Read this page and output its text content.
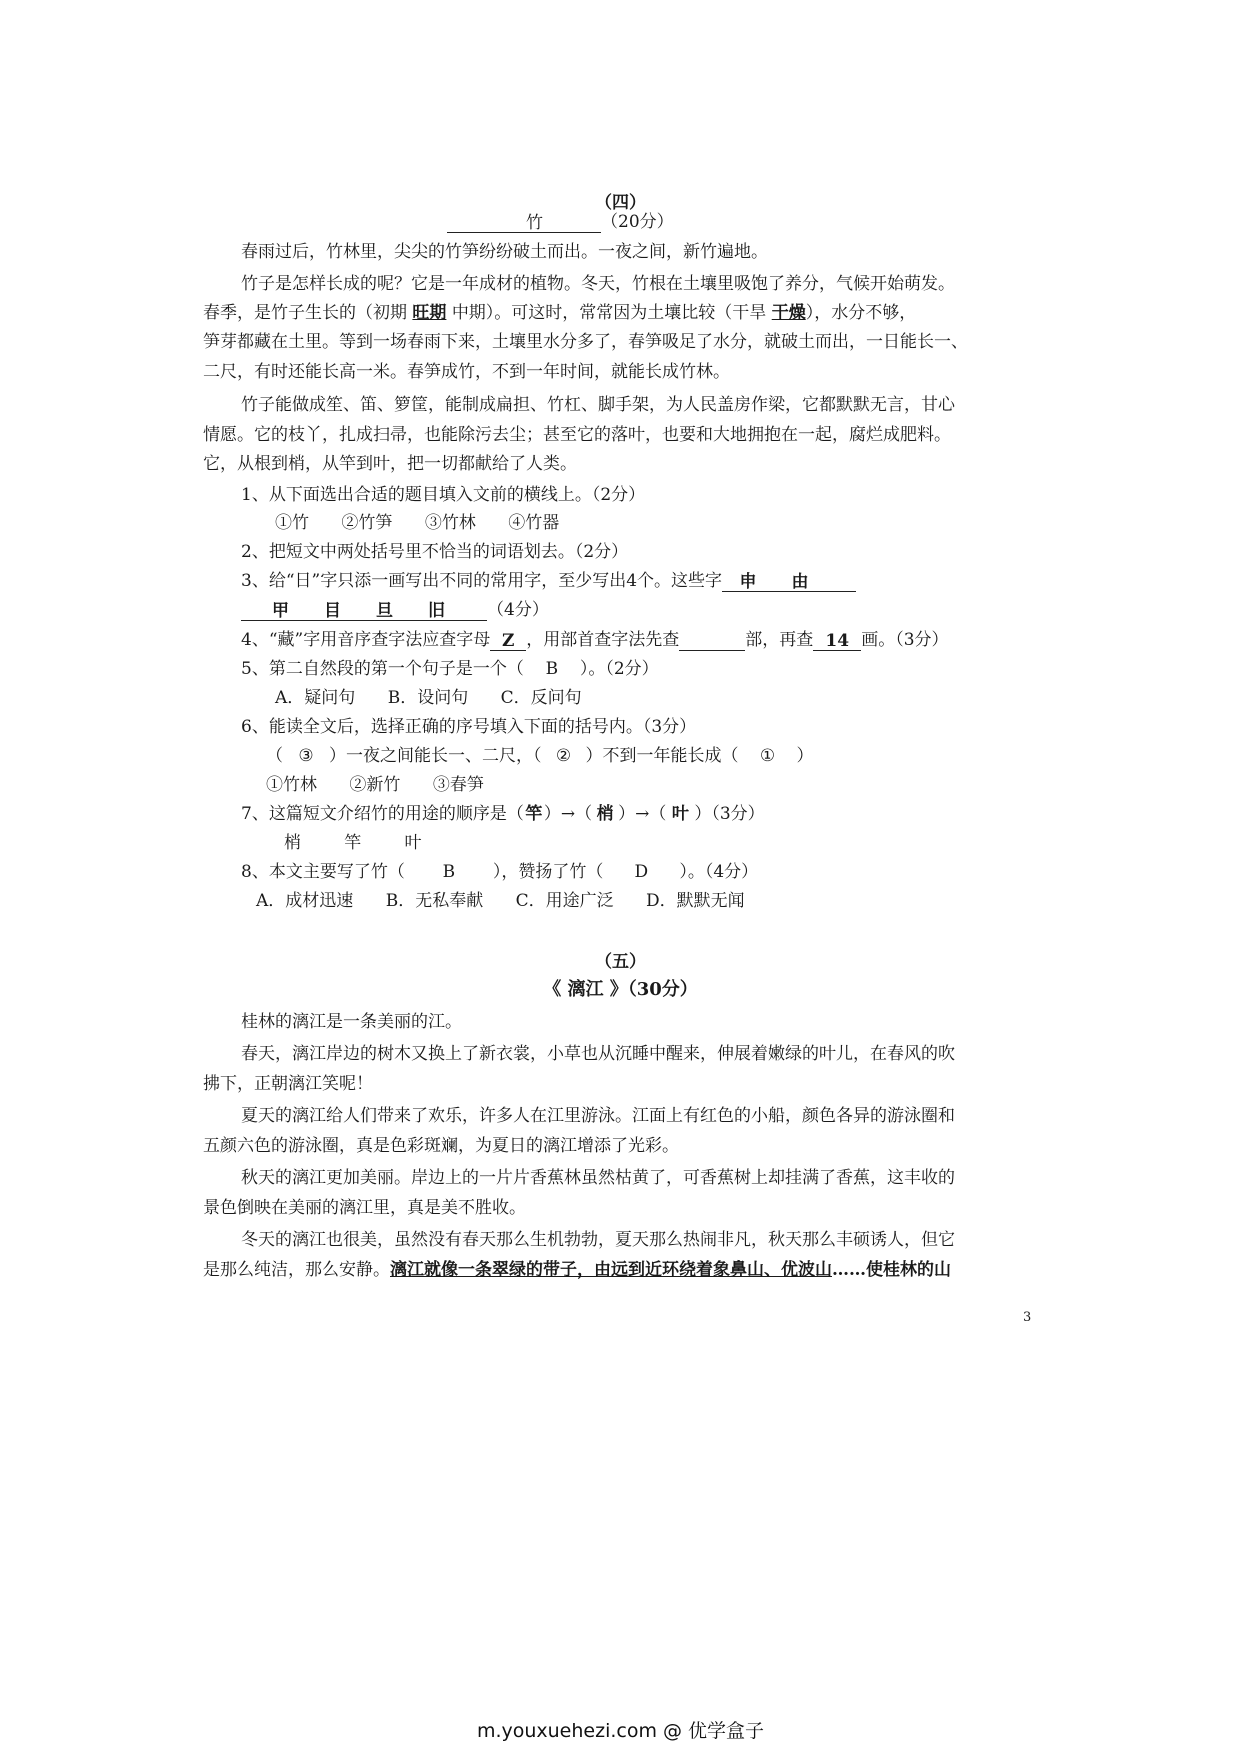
（四）
竹	（20分）
春雨过后，竹林里，尖尖的竹笋纷纷破土而出。一夜之间，新竹遍地。
竹子是怎样长成的呢？它是一年成材的植物。冬天，竹根在土壤里吸饱了养分，气候开始萌发。
春季，是竹子生长的（初期 旺期 中期）。可这时，常常因为土壤比较（干旱 干燥），水分不够，
笋芽都藏在土里。等到一场春雨下来，土壤里水分多了，春笋吸足了水分，就破土而出，一日能长一、
二尺，有时还能长高一米。春笋成竹，不到一年时间，就能长成竹林。
竹子能做成笙、笛、箩筐，能制成扁担、竹杠、脚手架，为人民盖房作梁，它都默默无言，甘心
情愿。它的枝丫，扎成扫帚，也能除污去尘；甚至它的落叶，也要和大地拥抱在一起，腐烂成肥料。
它，从根到梢，从竿到叶，把一切都献给了人类。
1、从下面选出合适的题目填入文前的横线上。（2分）
①竹      ②竹笋      ③竹林      ④竹器
2、把短文中两处括号里不恰当的词语划去。（2分）
3、给“日”字只添一画写出不同的常用字，至少写出4个。这些字 申 由
甲 目 旦 旧 （4分）
4、“藏”字用音序查字法应查字母 Z ，用部首查字法先查	部，再查 14 画。（3分）
5、第二自然段的第一个句子是一个（ B ）。（2分）
A．疑问句      B．设问句      C．反问句
6、能读全文后，选择正确的序号填入下面的括号内。（3分）
（ ③ ）一夜之间能长一、二尺，（ ② ）不到一年能长成（ ① ）
①竹林      ②新竹      ③春笋
7、这篇短文介绍竹的用途的顺序是（竿）→（ 梢 ）→（ 叶 ）（3分）
梢        竿        叶
8、本文主要写了竹（ B ），赞扬了竹（ D ）。（4分）
A．成材迅速      B．无私奉献      C．用途广泛      D．默默无闻
（五）
《 漓江 》（30分）
桂林的漓江是一条美丽的江。
春天，漓江岸边的树木又换上了新衣裳，小草也从沉睡中醒来，伸展着嫩绿的叶儿，在春风的吹
拂下，正朝漓江笑呢！
夏天的漓江给人们带来了欢乐，许多人在江里游泳。江面上有红色的小船，颜色各异的游泳圈和
五颜六色的游泳圈，真是色彩斑斓，为夏日的漓江增添了光彩。
秋天的漓江更加美丽。岸边上的一片片香蕉林虽然枯黄了，可香蕉树上却挂满了香蕉，这丰收的
景色倒映在美丽的漓江里，真是美不胜收。
冬天的漓江也很美，虽然没有春天那么生机勃勃，夏天那么热闹非凡，秋天那么丰硕诱人，但它
是那么纯洁，那么安静。漓江就像一条翠绿的带子，由远到近环绕着象鼻山、优波山……使桂林的山
3
m.youxuehezi.com @ 优学盒子
